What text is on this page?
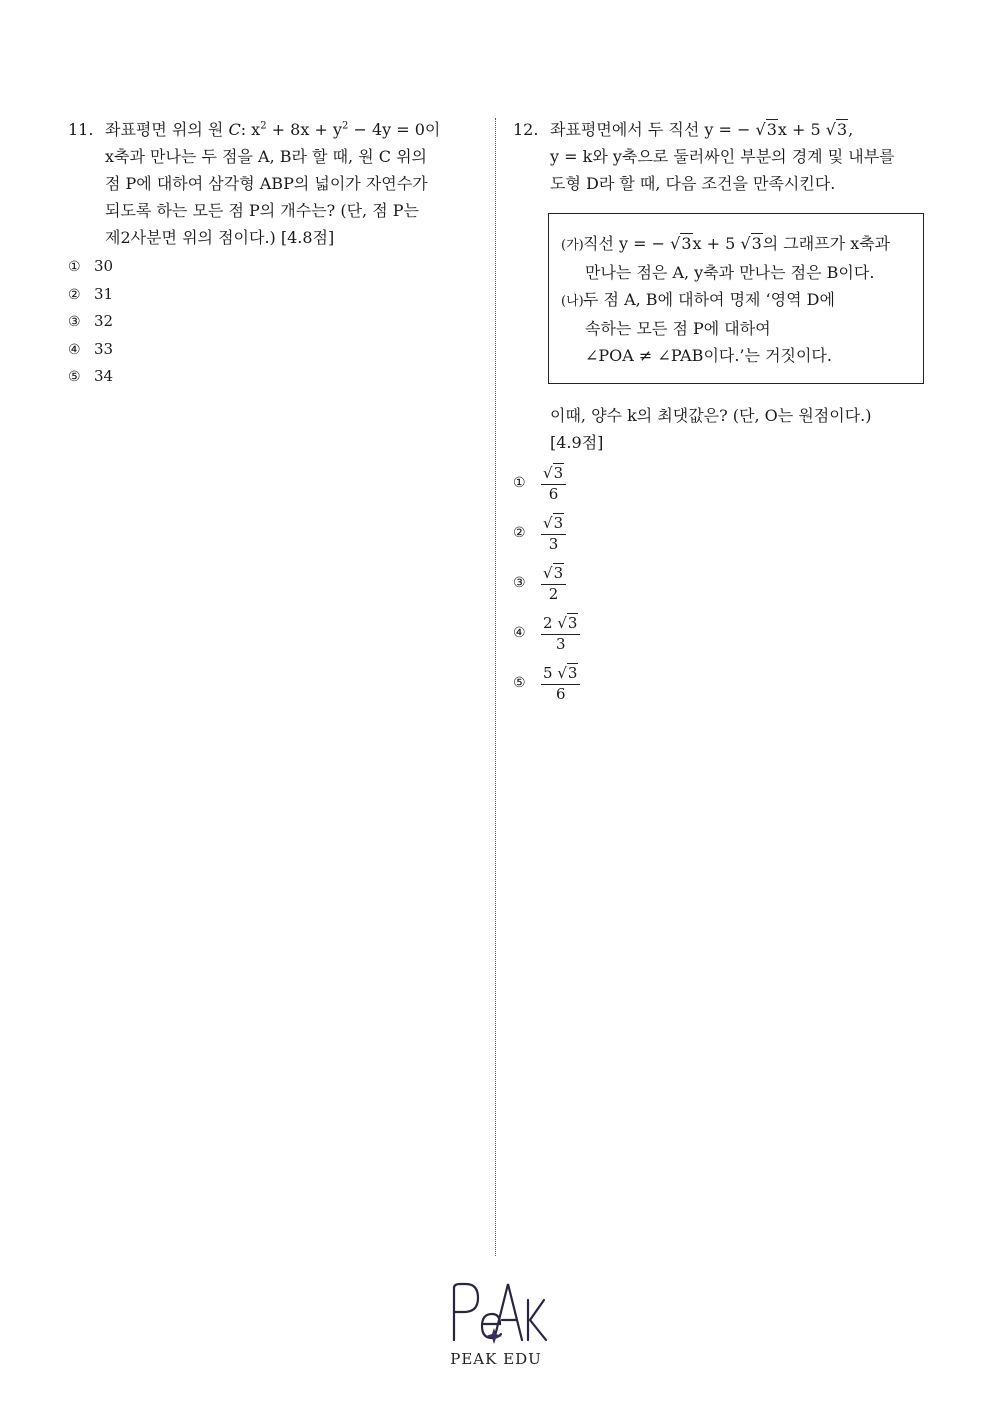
11. 좌표평면 위의 원 C: $x^2 + 8x + y^2 - 4y = 0$이
x축과 만나는 두 점을 A, B라 할 때, 원 C 위의
점 P에 대하여 삼각형 ABP의 넓이가 자연수가
되도록 하는 모든 점 P의 개수는? (단, 점 P는
제2사분면 위의 점이다.) [4.8점]
① 30
② 31
③ 32
④ 33
⑤ 34
12. 좌표평면에서 두 직선 y = − √3x + 5 √3,
y = k와 y축으로 둘러싸인 부분의 경계 및 내부를
도형 D라 할 때, 다음 조건을 만족시킨다.
(가)직선 y = − √3x + 5 √3의 그래프가 x축과
만나는 점은 A, y축과 만나는 점은 B이다.
(나)두 점 A, B에 대하여 명제 ‘영역 D에
속하는 모든 점 P에 대하여
∠POA ≠ ∠PAB이다.’는 거짓이다.
이때, 양수 k의 최댓값은? (단, O는 원점이다.)
[4.9점]
①	$\frac{√3}{6}$
②	$\frac{√3}{3}$
③	$\frac{√3}{2}$
④	$\frac{2 √3}{3}$
⑤	$\frac{5 √3}{6}$
PEAK EDU
